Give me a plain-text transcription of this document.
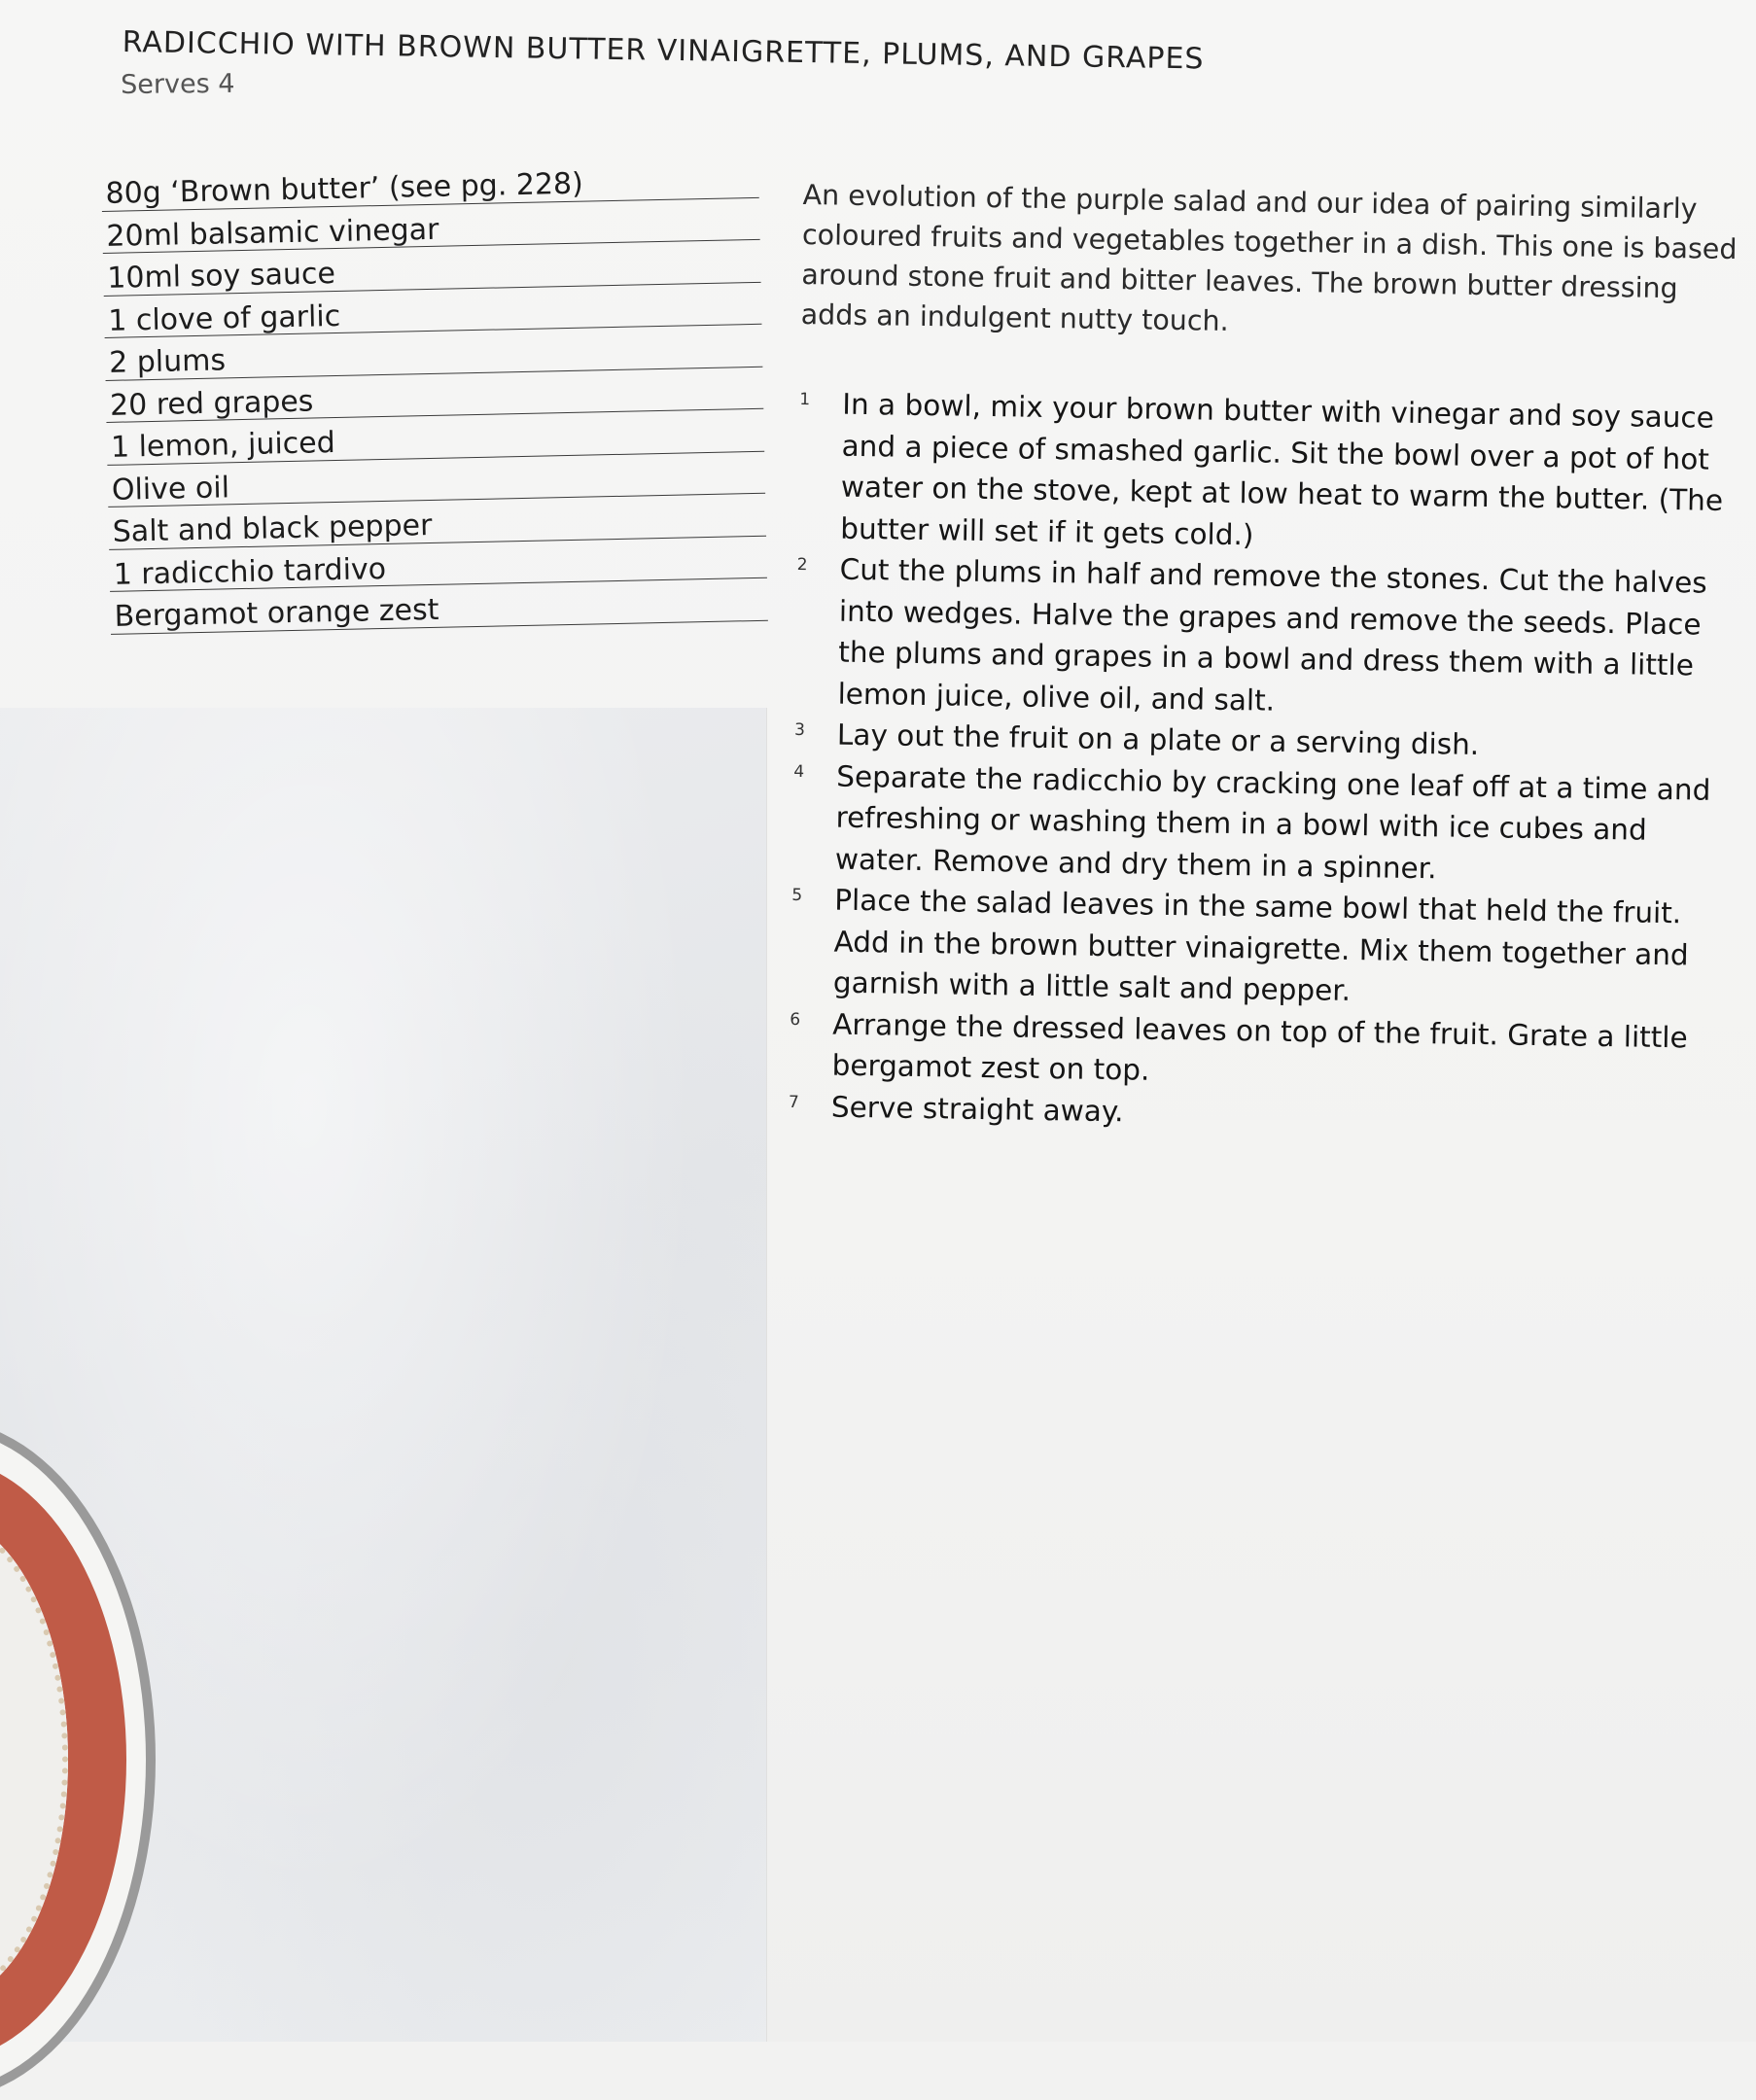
RADICCHIO WITH BROWN BUTTER VINAIGRETTE, PLUMS, AND GRAPES

Serves 4

80g ‘Brown butter’ (see pg. 228)
20ml balsamic vinegar
10ml soy sauce
1 clove of garlic
2 plums
20 red grapes
1 lemon, juiced
Olive oil
Salt and black pepper
1 radicchio tardivo
Bergamot orange zest

An evolution of the purple salad and our idea of pairing similarly coloured fruits and vegetables together in a dish. This one is based around stone fruit and bitter leaves. The brown butter dressing adds an indulgent nutty touch.

1 In a bowl, mix your brown butter with vinegar and soy sauce and a piece of smashed garlic. Sit the bowl over a pot of hot water on the stove, kept at low heat to warm the butter. (The butter will set if it gets cold.)
2 Cut the plums in half and remove the stones. Cut the halves into wedges. Halve the grapes and remove the seeds. Place the plums and grapes in a bowl and dress them with a little lemon juice, olive oil, and salt.
3 Lay out the fruit on a plate or a serving dish.
4 Separate the radicchio by cracking one leaf off at a time and refreshing or washing them in a bowl with ice cubes and water. Remove and dry them in a spinner.
5 Place the salad leaves in the same bowl that held the fruit. Add in the brown butter vinaigrette. Mix them together and garnish with a little salt and pepper.
6 Arrange the dressed leaves on top of the fruit. Grate a little bergamot zest on top.
7 Serve straight away.
